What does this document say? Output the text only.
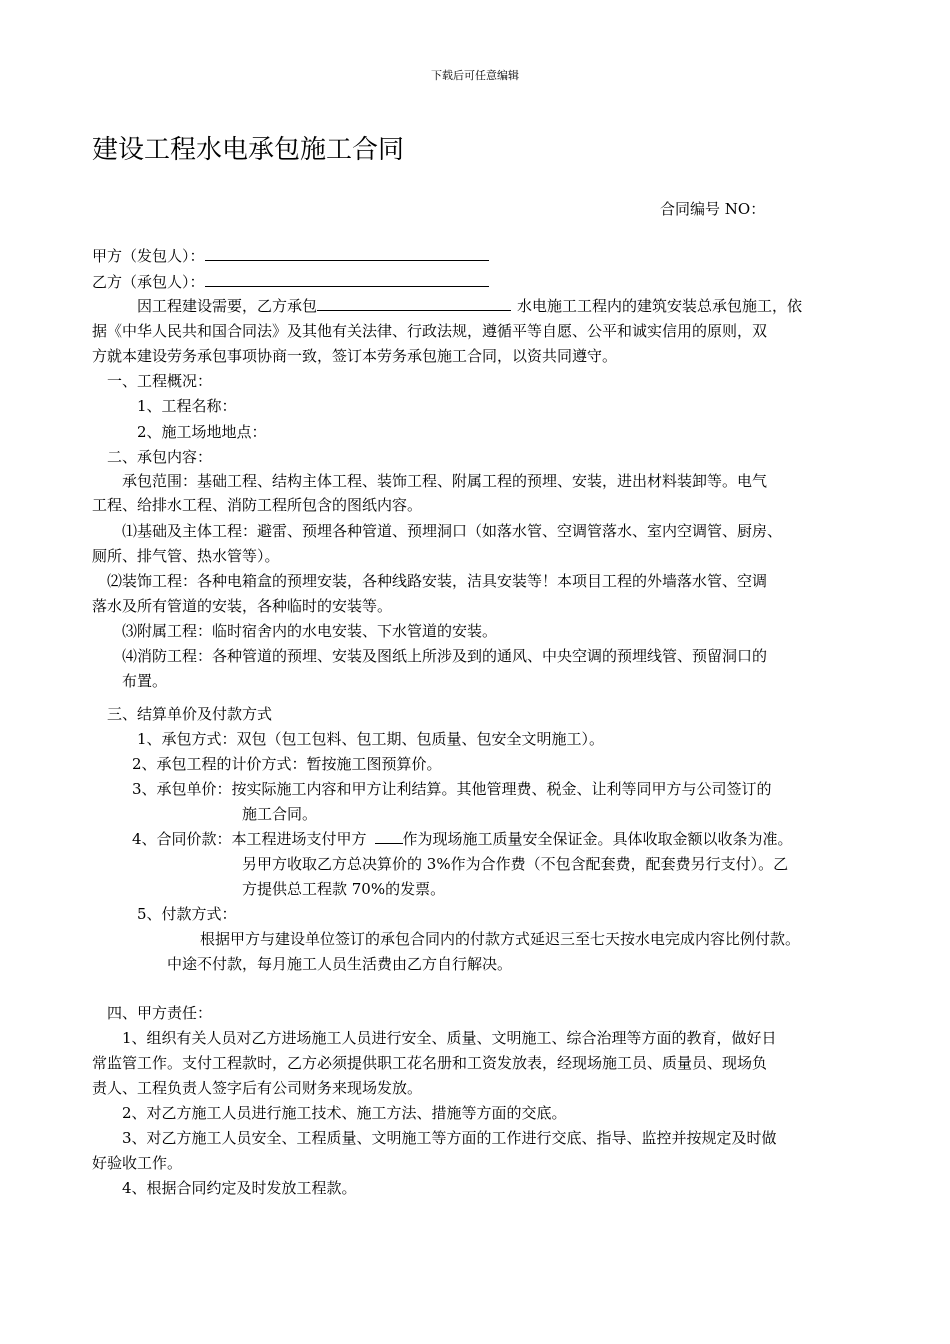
下载后可任意编辑
建设工程水电承包施工合同
合同编号 NO：
甲方（发包人）：
乙方（承包人）：
因工程建设需要，乙方承包	水电施工工程内的建筑安装总承包施工，依
据《中华人民共和国合同法》及其他有关法律、行政法规，遵循平等自愿、公平和诚实信用的原则，双
方就本建设劳务承包事项协商一致，签订本劳务承包施工合同，以资共同遵守。
一、工程概况：
1、工程名称：
2、施工场地地点：
二、承包内容：
承包范围：基础工程、结构主体工程、装饰工程、附属工程的预埋、安装，进出材料装卸等。电气
工程、给排水工程、消防工程所包含的图纸内容。
⑴基础及主体工程：避雷、预埋各种管道、预埋洞口（如落水管、空调管落水、室内空调管、厨房、
厕所、排气管、热水管等）。
⑵装饰工程：各种电箱盒的预埋安装，各种线路安装，洁具安装等！本项目工程的外墙落水管、空调
落水及所有管道的安装，各种临时的安装等。
⑶附属工程：临时宿舍内的水电安装、下水管道的安装。
⑷消防工程：各种管道的预埋、安装及图纸上所涉及到的通风、中央空调的预埋线管、预留洞口的
布置。
三、结算单价及付款方式
1、承包方式：双包（包工包料、包工期、包质量、包安全文明施工）。
2、承包工程的计价方式：暂按施工图预算价。
3、承包单价：按实际施工内容和甲方让利结算。其他管理费、税金、让利等同甲方与公司签订的
施工合同。
4、合同价款：本工程进场支付甲方 作为现场施工质量安全保证金。具体收取金额以收条为准。
另甲方收取乙方总决算价的 3%作为合作费（不包含配套费，配套费另行支付）。乙
方提供总工程款 70%的发票。
5、付款方式：
根据甲方与建设单位签订的承包合同内的付款方式延迟三至七天按水电完成内容比例付款。
中途不付款，每月施工人员生活费由乙方自行解决。
四、甲方责任：
1、组织有关人员对乙方进场施工人员进行安全、质量、文明施工、综合治理等方面的教育，做好日
常监管工作。支付工程款时，乙方必须提供职工花名册和工资发放表，经现场施工员、质量员、现场负
责人、工程负责人签字后有公司财务来现场发放。
2、对乙方施工人员进行施工技术、施工方法、措施等方面的交底。
3、对乙方施工人员安全、工程质量、文明施工等方面的工作进行交底、指导、监控并按规定及时做
好验收工作。
4、根据合同约定及时发放工程款。
